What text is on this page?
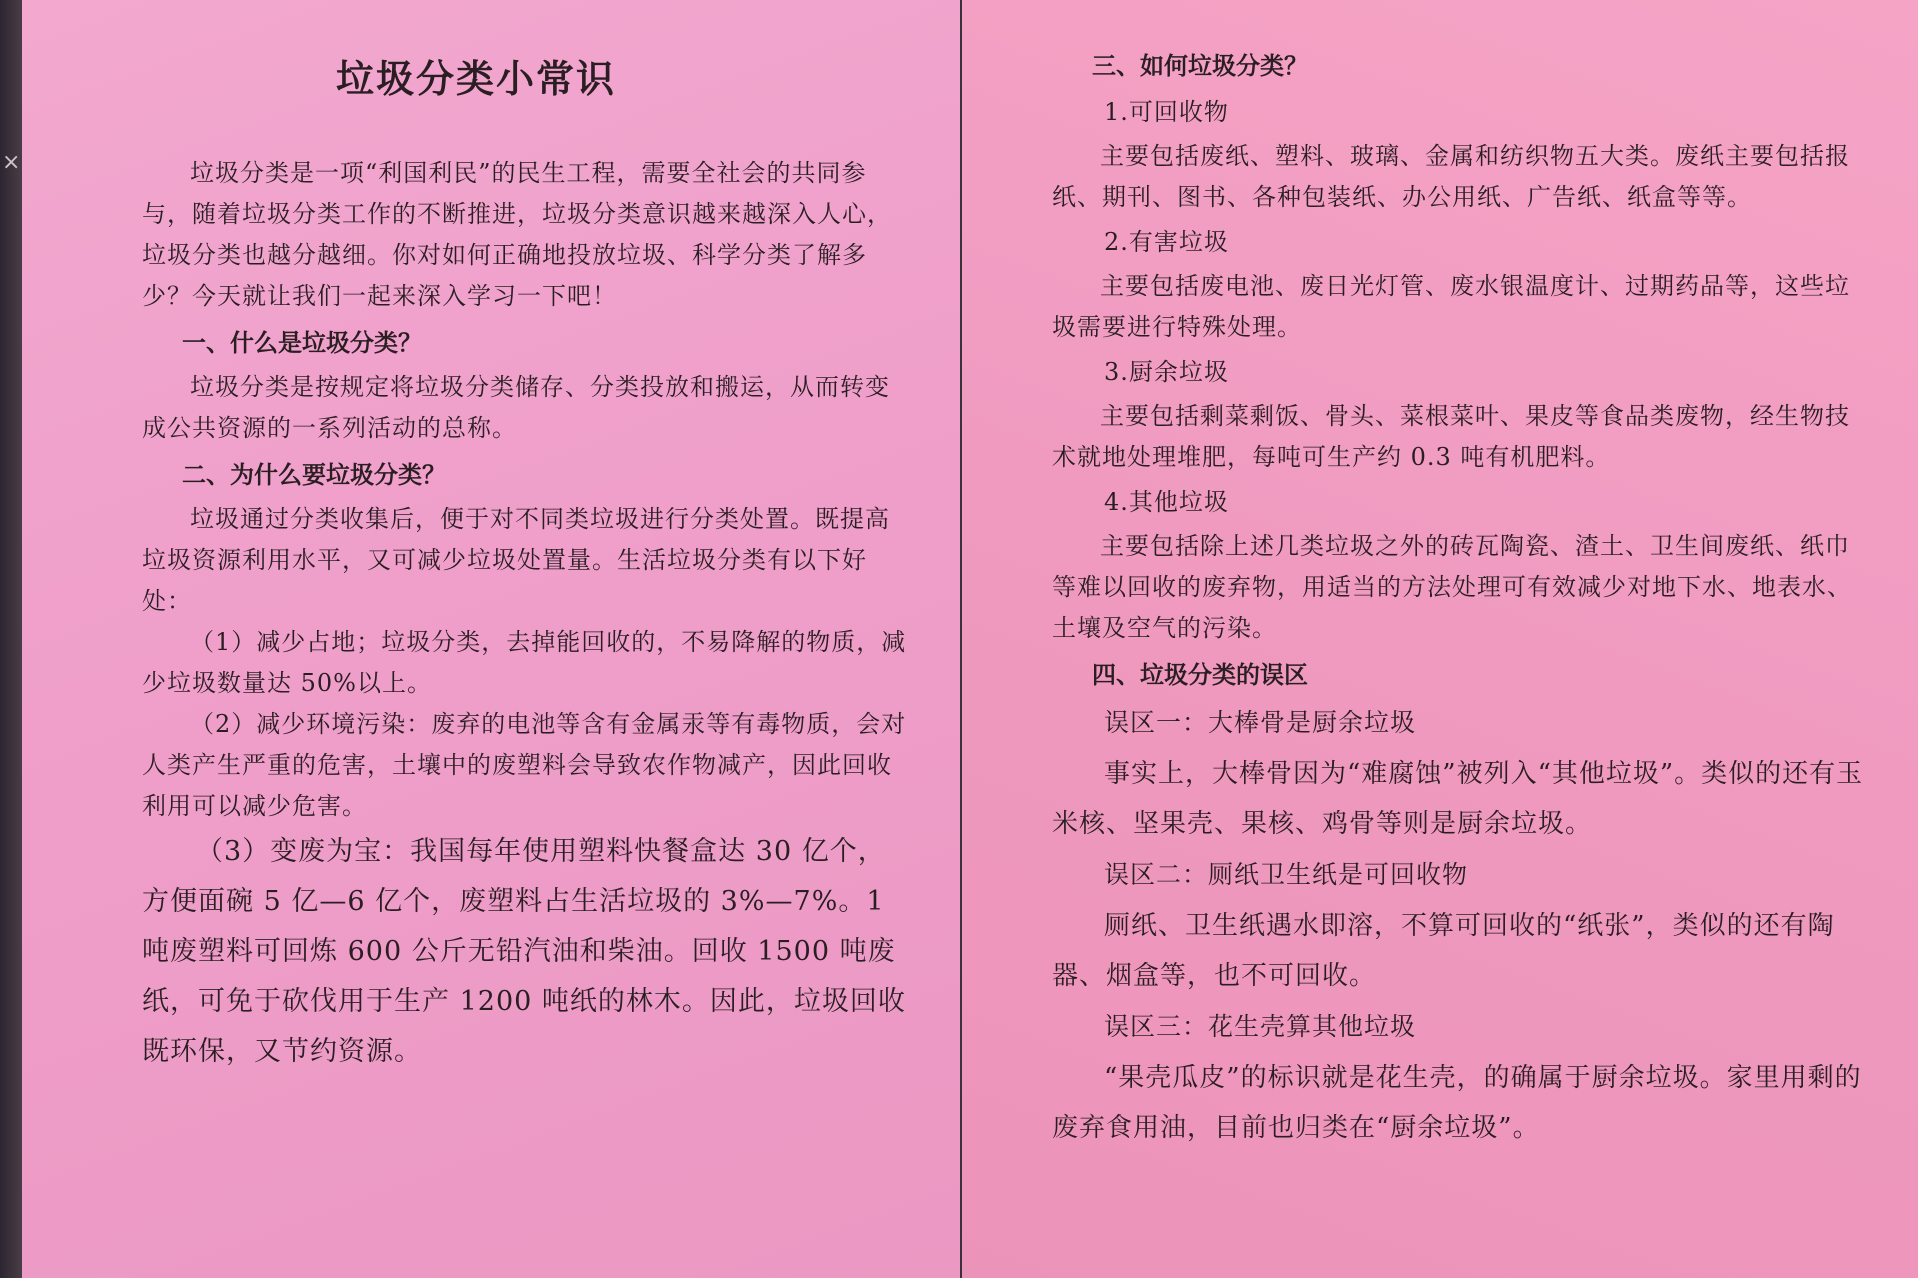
×
垃圾分类小常识

垃圾分类是一项“利国利民”的民生工程，需要全社会的共同参与，随着垃圾分类工作的不断推进，垃圾分类意识越来越深入人心，垃圾分类也越分越细。你对如何正确地投放垃圾、科学分类了解多少？今天就让我们一起来深入学习一下吧！

一、什么是垃圾分类？

垃圾分类是按规定将垃圾分类储存、分类投放和搬运，从而转变成公共资源的一系列活动的总称。

二、为什么要垃圾分类？

垃圾通过分类收集后，便于对不同类垃圾进行分类处置。既提高垃圾资源利用水平，又可减少垃圾处置量。生活垃圾分类有以下好处：

（1）减少占地；垃圾分类，去掉能回收的，不易降解的物质，减少垃圾数量达 50%以上。

（2）减少环境污染：废弃的电池等含有金属汞等有毒物质，会对人类产生严重的危害，土壤中的废塑料会导致农作物减产，因此回收利用可以减少危害。

（3）变废为宝：我国每年使用塑料快餐盒达 30 亿个，方便面碗 5 亿—6 亿个，废塑料占生活垃圾的 3%—7%。1吨废塑料可回炼 600 公斤无铅汽油和柴油。回收 1500 吨废纸，可免于砍伐用于生产 1200 吨纸的林木。因此，垃圾回收既环保，又节约资源。

三、如何垃圾分类？
1.可回收物

主要包括废纸、塑料、玻璃、金属和纺织物五大类。废纸主要包括报纸、期刊、图书、各种包装纸、办公用纸、广告纸、纸盒等等。

2.有害垃圾

主要包括废电池、废日光灯管、废水银温度计、过期药品等，这些垃圾需要进行特殊处理。

3.厨余垃圾

主要包括剩菜剩饭、骨头、菜根菜叶、果皮等食品类废物，经生物技术就地处理堆肥，每吨可生产约 0.3 吨有机肥料。

4.其他垃圾

主要包括除上述几类垃圾之外的砖瓦陶瓷、渣土、卫生间废纸、纸巾等难以回收的废弃物，用适当的方法处理可有效减少对地下水、地表水、土壤及空气的污染。

四、垃圾分类的误区
误区一：大棒骨是厨余垃圾

事实上，大棒骨因为“难腐蚀”被列入“其他垃圾”。类似的还有玉米核、坚果壳、果核、鸡骨等则是厨余垃圾。

误区二：厕纸卫生纸是可回收物

厕纸、卫生纸遇水即溶，不算可回收的“纸张”，类似的还有陶器、烟盒等，也不可回收。

误区三：花生壳算其他垃圾

“果壳瓜皮”的标识就是花生壳，的确属于厨余垃圾。家里用剩的废弃食用油，目前也归类在“厨余垃圾”。
